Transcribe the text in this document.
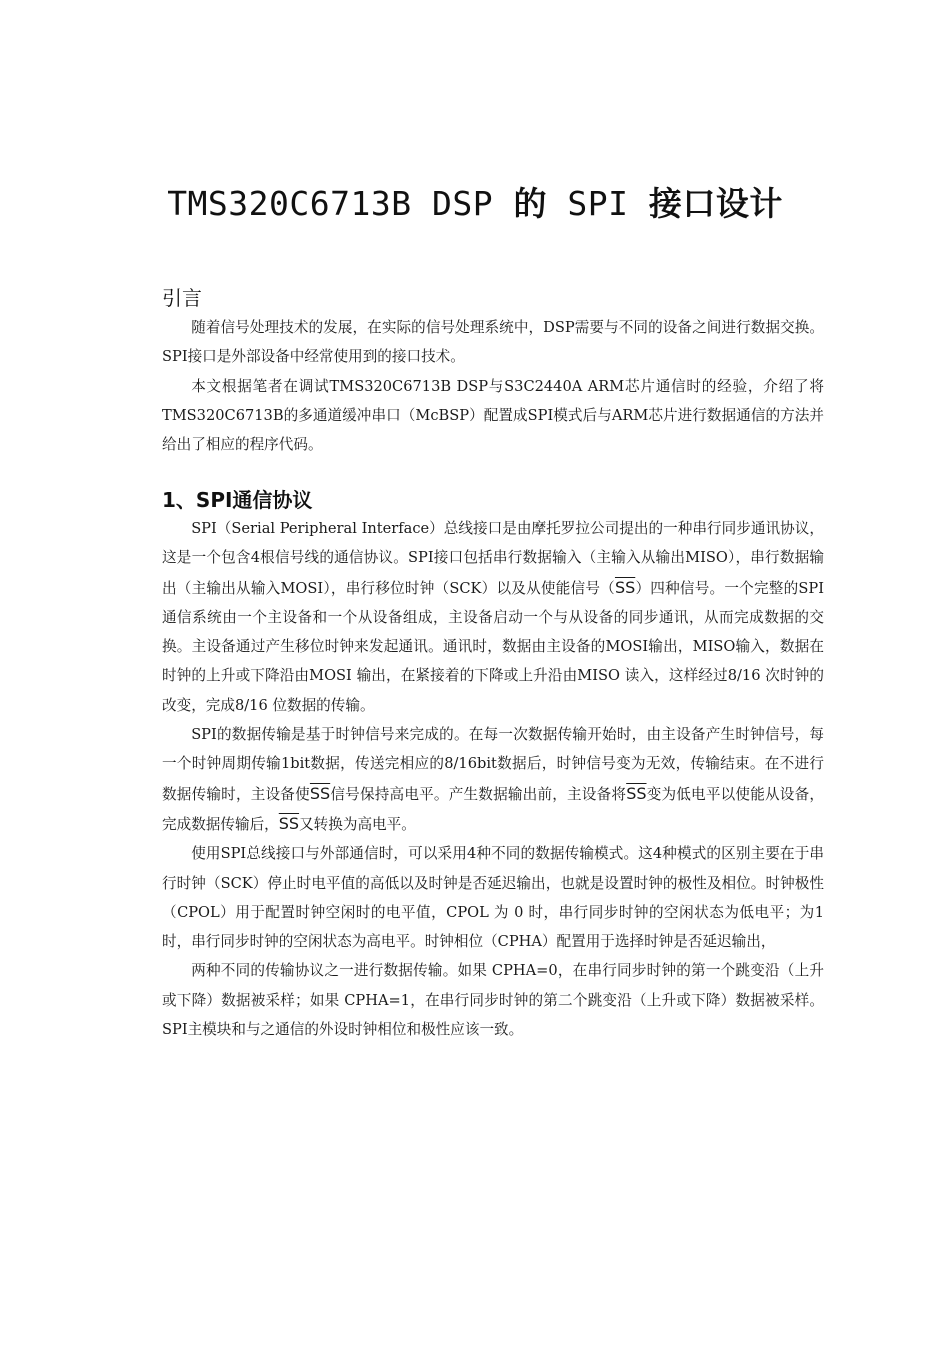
TMS320C6713B DSP 的 SPI 接口设计
引言

随着信号处理技术的发展，在实际的信号处理系统中，DSP需要与不同的设备之间进行数据交换。SPI接口是外部设备中经常使用到的接口技术。

本文根据笔者在调试TMS320C6713B DSP与S3C2440A ARM芯片通信时的经验，介绍了将TMS320C6713B的多通道缓冲串口（McBSP）配置成SPI模式后与ARM芯片进行数据通信的方法并给出了相应的程序代码。

1、SPI通信协议

SPI（Serial Peripheral Interface）总线接口是由摩托罗拉公司提出的一种串行同步通讯协议，这是一个包含4根信号线的通信协议。SPI接口包括串行数据输入（主输入从输出MISO），串行数据输出（主输出从输入MOSI），串行移位时钟（SCK）以及从使能信号$(\overline{SS})$四种信号。一个完整的SPI通信系统由一个主设备和一个从设备组成，主设备启动一个与从设备的同步通讯，从而完成数据的交换。主设备通过产生移位时钟来发起通讯。通讯时，数据由主设备的MOSI输出，MISO输入，数据在时钟的上升或下降沿由MOSI 输出，在紧接着的下降或上升沿由MISO 读入，这样经过8/16 次时钟的改变，完成8/16 位数据的传输。

SPI的数据传输是基于时钟信号来完成的。在每一次数据传输开始时，由主设备产生时钟信号，每一个时钟周期传输1bit数据，传送完相应的8/16bit数据后，时钟信号变为无效，传输结束。在不进行数据传输时，主设备使$\overline{SS}$信号保持高电平。产生数据输出前，主设备将$\overline{SS}$变为低电平以使能从设备，完成数据传输后，$\overline{SS}$又转换为高电平。

使用SPI总线接口与外部通信时，可以采用4种不同的数据传输模式。这4种模式的区别主要在于串行时钟（SCK）停止时电平值的高低以及时钟是否延迟输出，也就是设置时钟的极性及相位。时钟极性（CPOL）用于配置时钟空闲时的电平值，CPOL 为 0 时，串行同步时钟的空闲状态为低电平；为1时，串行同步时钟的空闲状态为高电平。时钟相位（CPHA）配置用于选择时钟是否延迟输出，

两种不同的传输协议之一进行数据传输。如果 CPHA=0，在串行同步时钟的第一个跳变沿（上升或下降）数据被采样；如果 CPHA=1，在串行同步时钟的第二个跳变沿（上升或下降）数据被采样。SPI主模块和与之通信的外设时钟相位和极性应该一致。
